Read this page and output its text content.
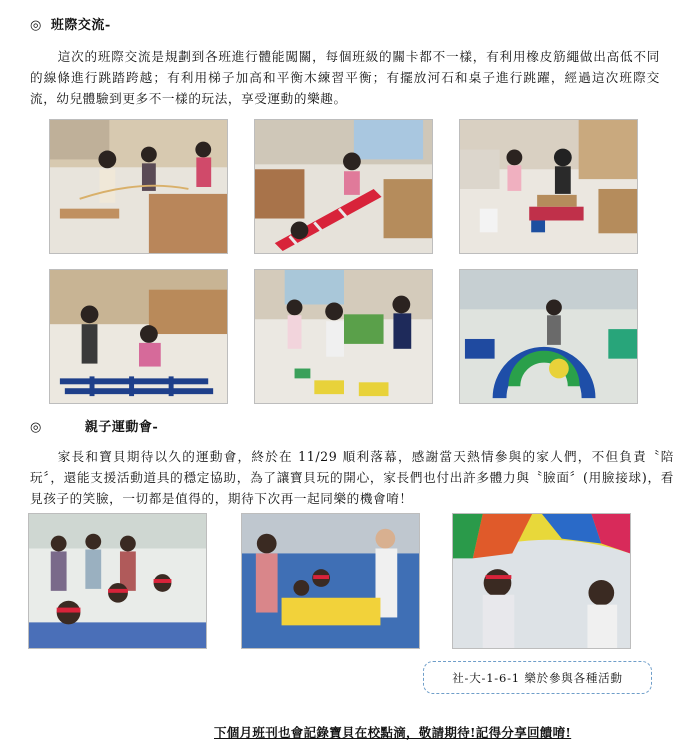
◎ 班際交流-
這次的班際交流是規劃到各班進行體能闖關，每個班級的關卡都不一樣，有利用橡皮筋繩做出高低不同的線條進行跳踏跨越；有利用梯子加高和平衡木練習平衡；有擺放河石和桌子進行跳躍，經過這次班際交流，幼兒體驗到更多不一樣的玩法，享受運動的樂趣。
◎	親子運動會-
家長和寶貝期待以久的運動會，終於在 11/29 順利落幕，感謝當天熱情參與的家人們，不但負責〝陪玩〞，還能支援活動道具的穩定協助，為了讓寶貝玩的開心，家長們也付出許多體力與〝臉面〞(用臉接球)，看見孩子的笑臉，一切都是值得的，期待下次再一起同樂的機會唷！
社-大-1-6-1 樂於參與各種活動
下個月班刊也會記錄寶貝在校點滴，敬請期待!記得分享回饋唷!
